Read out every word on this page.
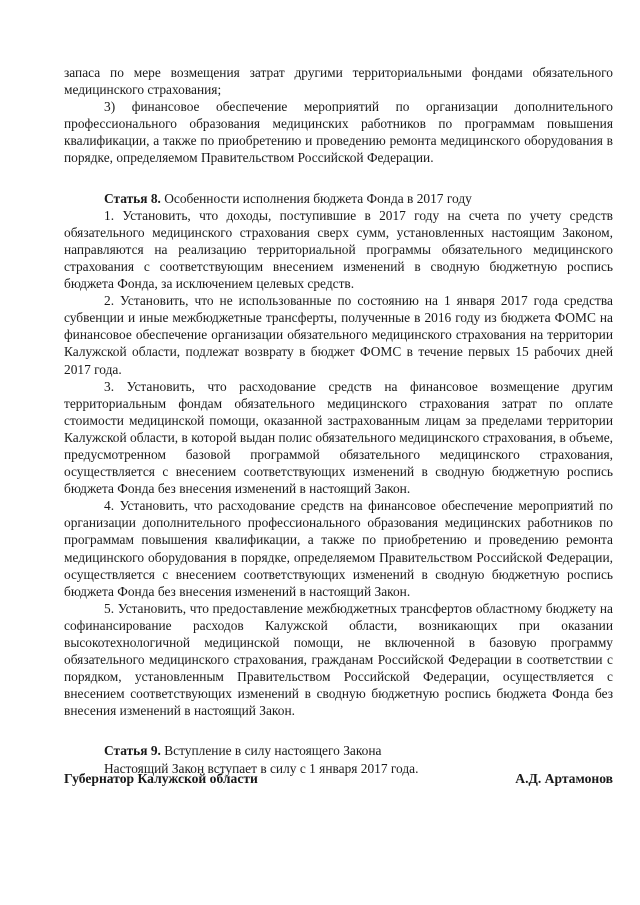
запаса по мере возмещения затрат другими территориальными фондами обязательного медицинского страхования;

3) финансовое обеспечение мероприятий по организации дополнительного профессионального образования медицинских работников по программам повышения квалификации, а также по приобретению и проведению ремонта медицинского оборудования в порядке, определяемом Правительством Российской Федерации.

Статья 8. Особенности исполнения бюджета Фонда в 2017 году

1. Установить, что доходы, поступившие в 2017 году на счета по учету средств обязательного медицинского страхования сверх сумм, установленных настоящим Законом, направляются на реализацию территориальной программы обязательного медицинского страхования с соответствующим внесением изменений в сводную бюджетную роспись бюджета Фонда, за исключением целевых средств.

2. Установить, что не использованные по состоянию на 1 января 2017 года средства субвенции и иные межбюджетные трансферты, полученные в 2016 году из бюджета ФОМС на финансовое обеспечение организации обязательного медицинского страхования на территории Калужской области, подлежат возврату в бюджет ФОМС в течение первых 15 рабочих дней 2017 года.

3. Установить, что расходование средств на финансовое возмещение другим территориальным фондам обязательного медицинского страхования затрат по оплате стоимости медицинской помощи, оказанной застрахованным лицам за пределами территории Калужской области, в которой выдан полис обязательного медицинского страхования, в объеме, предусмотренном базовой программой обязательного медицинского страхования, осуществляется с внесением соответствующих изменений в сводную бюджетную роспись бюджета Фонда без внесения изменений в настоящий Закон.

4. Установить, что расходование средств на финансовое обеспечение мероприятий по организации дополнительного профессионального образования медицинских работников по программам повышения квалификации, а также по приобретению и проведению ремонта медицинского оборудования в порядке, определяемом Правительством Российской Федерации, осуществляется с внесением соответствующих изменений в сводную бюджетную роспись бюджета Фонда без внесения изменений в настоящий Закон.

5. Установить, что предоставление межбюджетных трансфертов областному бюджету на софинансирование расходов Калужской области, возникающих при оказании высокотехнологичной медицинской помощи, не включенной в базовую программу обязательного медицинского страхования, гражданам Российской Федерации в соответствии с порядком, установленным Правительством Российской Федерации, осуществляется с внесением соответствующих изменений в сводную бюджетную роспись бюджета Фонда без внесения изменений в настоящий Закон.

Статья 9. Вступление в силу настоящего Закона

Настоящий Закон вступает в силу с 1 января 2017 года.

Губернатор Калужской области	А.Д. Артамонов
